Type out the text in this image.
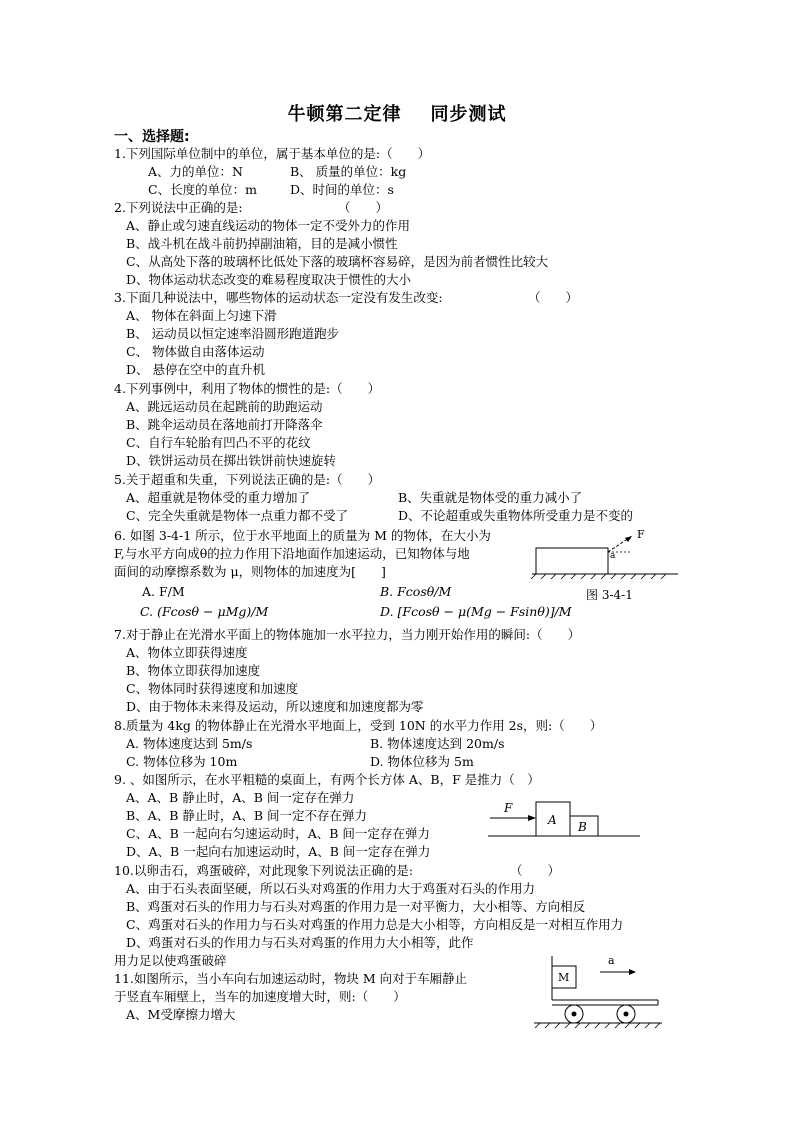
牛顿第二定律    同步测试
一、选择题:
1.下列国际单位制中的单位，属于基本单位的是:（　　）
A、力的单位：N	B、 质量的单位：kg
C、长度的单位：m	D、时间的单位：s
2.下列说法中正确的是:	（　　）
A、静止或匀速直线运动的物体一定不受外力的作用
B、战斗机在战斗前扔掉副油箱，目的是减小惯性
C、从高处下落的玻璃杯比低处下落的玻璃杯容易碎，是因为前者惯性比较大
D、物体运动状态改变的难易程度取决于惯性的大小
3.下面几种说法中，哪些物体的运动状态一定没有发生改变:	（　　）
A、 物体在斜面上匀速下滑
B、 运动员以恒定速率沿圆形跑道跑步
C、 物体做自由落体运动
D、 悬停在空中的直升机
4.下列事例中，利用了物体的惯性的是:（　　）
A、跳远运动员在起跳前的助跑运动
B、跳伞运动员在落地前打开降落伞
C、自行车轮胎有凹凸不平的花纹
D、铁饼运动员在掷出铁饼前快速旋转
5.关于超重和失重，下列说法正确的是:（　　）
A、超重就是物体受的重力增加了	B、失重就是物体受的重力减小了
C、完全失重就是物体一点重力都不受了	D、不论超重或失重物体所受重力是不变的
6. 如图 3-4-1 所示，位于水平地面上的质量为 M 的物体，在大小为
F,与水平方向成θ的拉力作用下沿地面作加速运动，已知物体与地
面间的动摩擦系数为 μ，则物体的加速度为[　　]
A. F/M	B. Fcosθ/M
C. (Fcosθ − μMg)/M	D. [Fcosθ − μ(Mg − Fsinθ)]/M
F
a
图 3-4-1
7.对于静止在光滑水平面上的物体施加一水平拉力，当力刚开始作用的瞬间:（　　）
A、物体立即获得速度
B、物体立即获得加速度
C、物体同时获得速度和加速度
D、由于物体未来得及运动，所以速度和加速度都为零
8.质量为 4kg 的物体静止在光滑水平地面上，受到 10N 的水平力作用 2s，则:（　　）
A. 物体速度达到 5m/s	B. 物体速度达到 20m/s
C. 物体位移为 10m	D. 物体位移为 5m
9. 、如图所示，在水平粗糙的桌面上，有两个长方体 A、B，F 是推力（　）
A、A、B 静止时，A、B 间一定存在弹力
B、A、B 静止时，A、B 间一定不存在弹力
C、A、B 一起向右匀速运动时，A、B 间一定存在弹力
D、A、B 一起向右加速运动时，A、B 间一定存在弹力
F
A B
10.以卵击石，鸡蛋破碎，对此现象下列说法正确的是:	（　　）
A、由于石头表面坚硬，所以石头对鸡蛋的作用力大于鸡蛋对石头的作用力
B、鸡蛋对石头的作用力与石头对鸡蛋的作用力是一对平衡力，大小相等、方向相反
C、鸡蛋对石头的作用力与石头对鸡蛋的作用力总是大小相等，方向相反是一对相互作用力
D、鸡蛋对石头的作用力与石头对鸡蛋的作用力大小相等，此作
用力足以使鸡蛋破碎
11.如图所示，当小车向右加速运动时，物块 M 向对于车厢静止
于竖直车厢壁上，当车的加速度增大时，则:（　　）
A、M受摩擦力增大
M
a
